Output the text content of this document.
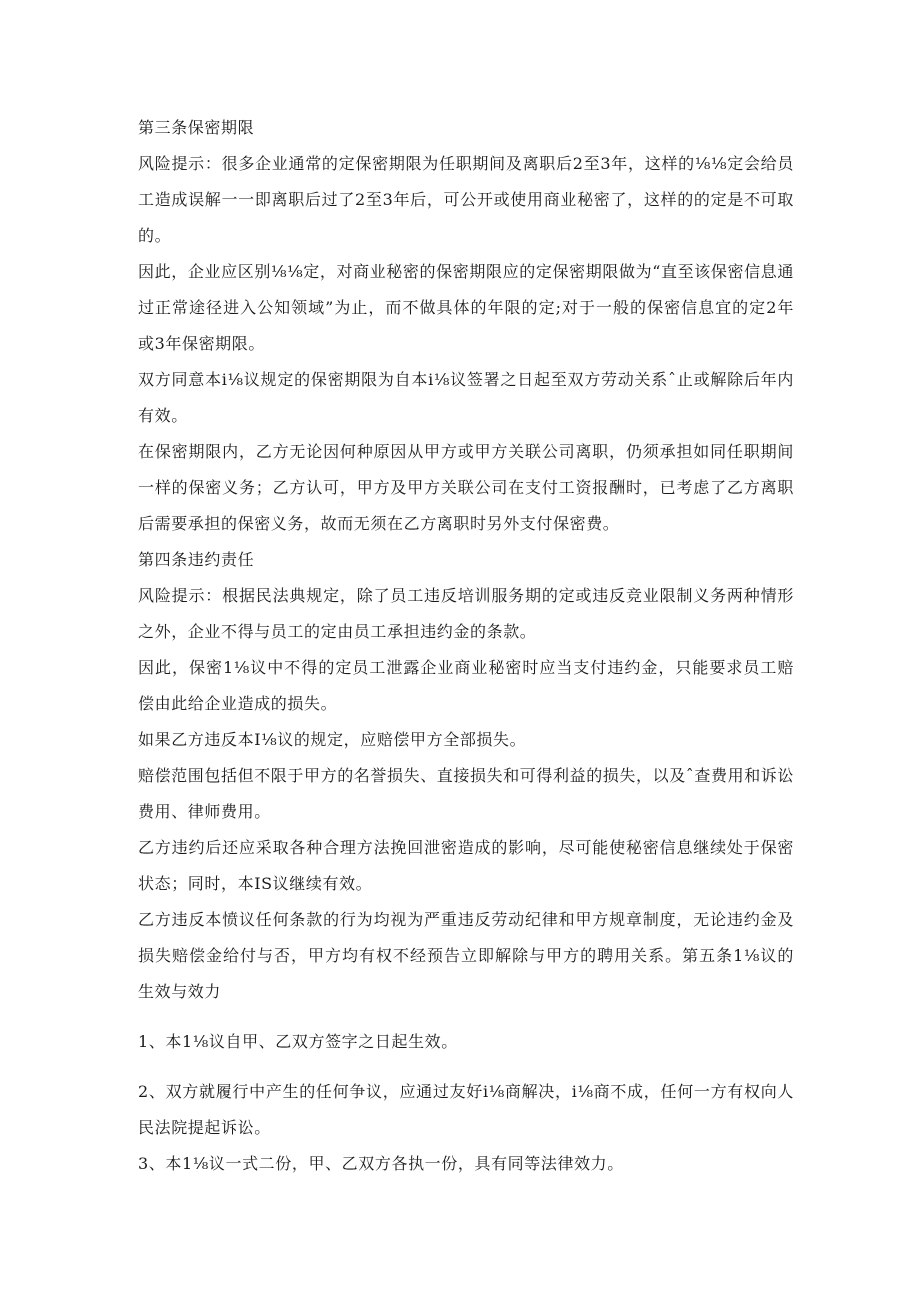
第三条保密期限

风险提示：很多企业通常的定保密期限为任职期间及离职后2至3年，这样的⅛⅛定会给员工造成误解一一即离职后过了2至3年后，可公开或使用商业秘密了，这样的的定是不可取的。

因此，企业应区别⅛⅛定，对商业秘密的保密期限应的定保密期限做为“直至该保密信息通过正常途径进入公知领域”为止，而不做具体的年限的定;对于一般的保密信息宜的定2年或3年保密期限。

双方同意本i⅛议规定的保密期限为自本i⅛议签署之日起至双方劳动关系ˆ止或解除后年内有效。

在保密期限内，乙方无论因何种原因从甲方或甲方关联公司离职，仍须承担如同任职期间一样的保密义务；乙方认可，甲方及甲方关联公司在支付工资报酬时，已考虑了乙方离职后需要承担的保密义务，故而无须在乙方离职时另外支付保密费。

第四条违约责任

风险提示：根据民法典规定，除了员工违反培训服务期的定或违反竞业限制义务两种情形之外，企业不得与员工的定由员工承担违约金的条款。

因此，保密1⅛议中不得的定员工泄露企业商业秘密时应当支付违约金，只能要求员工赔偿由此给企业造成的损失。

如果乙方违反本I⅛议的规定，应赔偿甲方全部损失。

赔偿范围包括但不限于甲方的名誉损失、直接损失和可得利益的损失，以及ˆ查费用和诉讼费用、律师费用。

乙方违约后还应采取各种合理方法挽回泄密造成的影响，尽可能使秘密信息继续处于保密状态；同时，本IS议继续有效。

乙方违反本愤议任何条款的行为均视为严重违反劳动纪律和甲方规章制度，无论违约金及损失赔偿金给付与否，甲方均有权不经预告立即解除与甲方的聘用关系。第五条1⅛议的生效与效力

1、本1⅛议自甲、乙双方签字之日起生效。

2、双方就履行中产生的任何争议，应通过友好i⅛商解决，i⅛商不成，任何一方有权向人民法院提起诉讼。

3、本1⅛议一式二份，甲、乙双方各执一份，具有同等法律效力。
